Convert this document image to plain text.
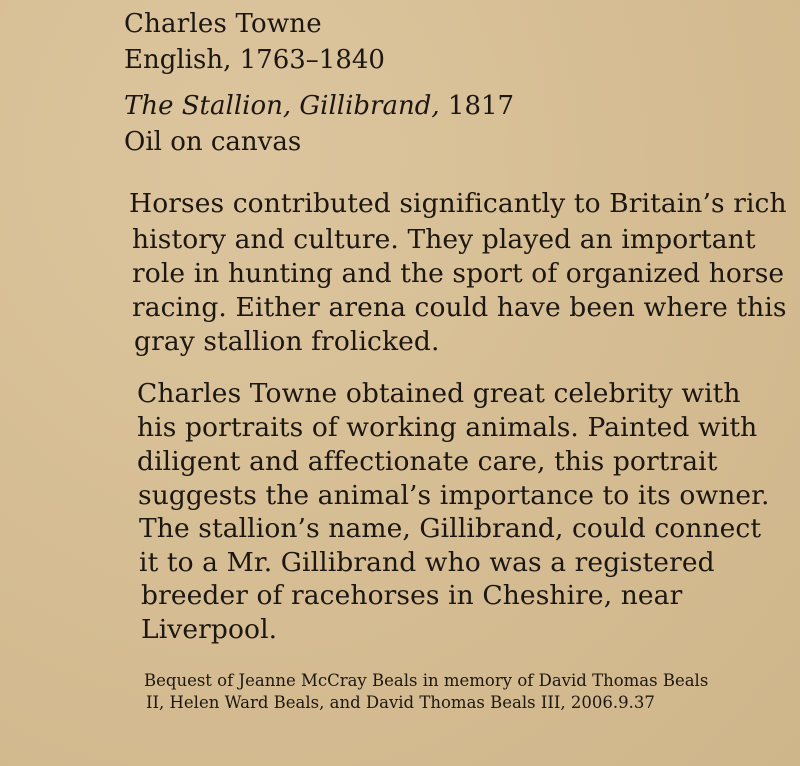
Charles Towne
English, 1763–1840
The Stallion, Gillibrand, 1817
Oil on canvas
Horses contributed significantly to Britain’s rich
history and culture. They played an important
role in hunting and the sport of organized horse
racing. Either arena could have been where this
gray stallion frolicked.
Charles Towne obtained great celebrity with
his portraits of working animals. Painted with
diligent and affectionate care, this portrait
suggests the animal’s importance to its owner.
The stallion’s name, Gillibrand, could connect
it to a Mr. Gillibrand who was a registered
breeder of racehorses in Cheshire, near
Liverpool.
Bequest of Jeanne McCray Beals in memory of David Thomas Beals
II, Helen Ward Beals, and David Thomas Beals III, 2006.9.37
